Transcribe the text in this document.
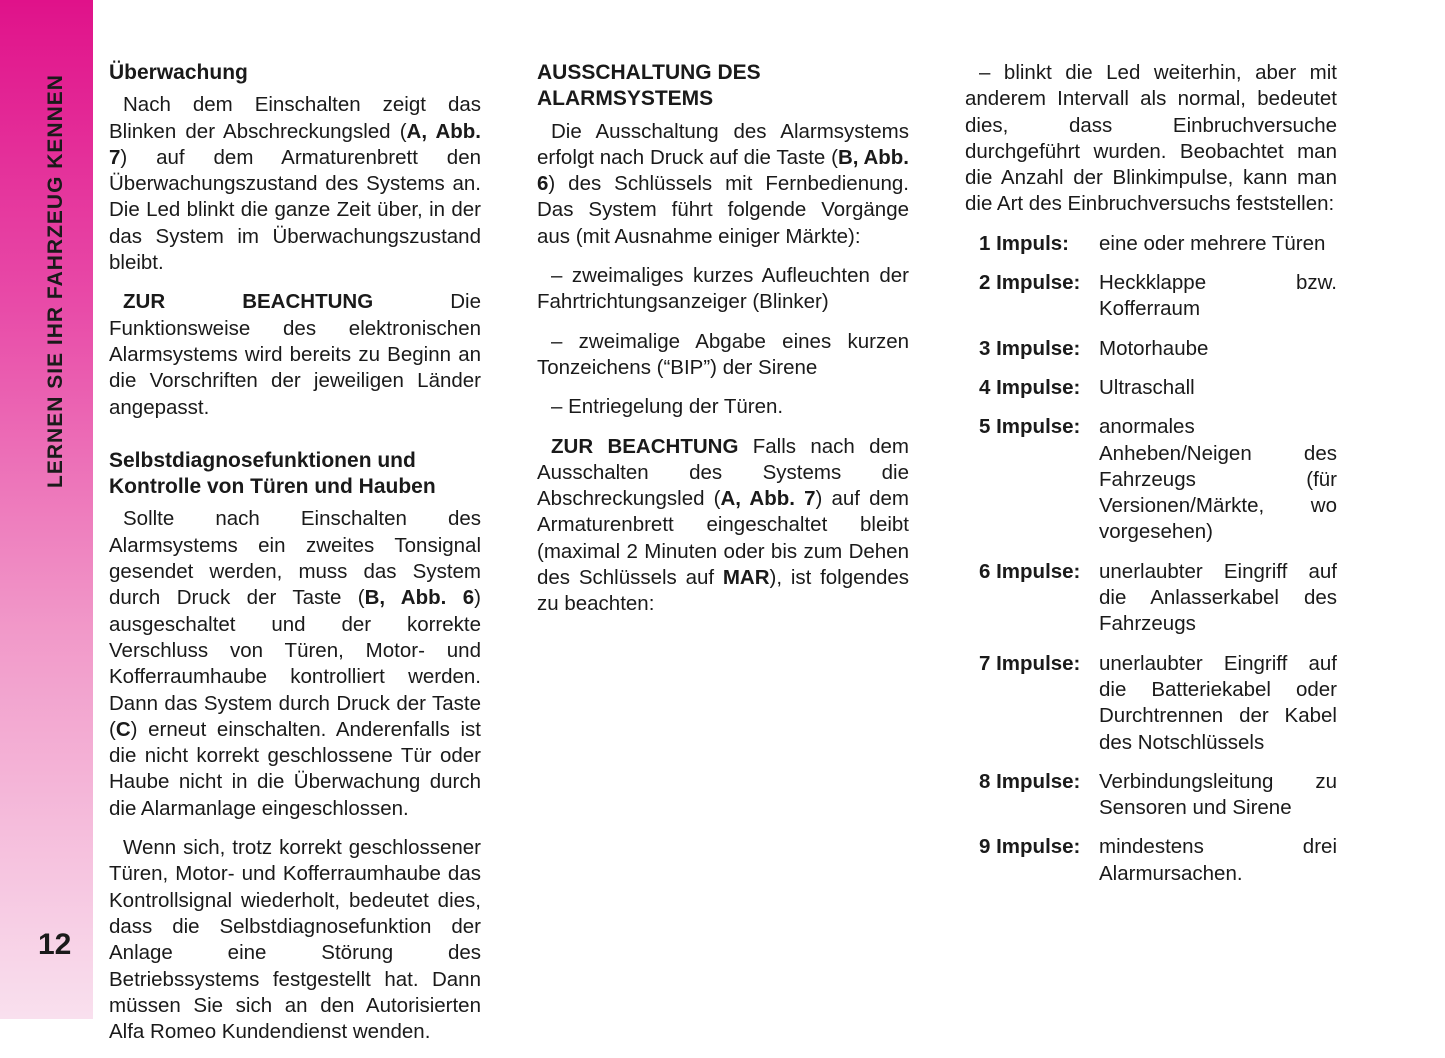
LERNEN SIE IHR FAHRZEUG KENNEN
12
Überwachung

Nach dem Einschalten zeigt das Blinken der Abschreckungsled (A, Abb. 7) auf dem Armaturenbrett den Überwachungszustand des Systems an. Die Led blinkt die ganze Zeit über, in der das System im Überwachungszustand bleibt.

ZUR BEACHTUNG Die Funktionsweise des elektronischen Alarmsystems wird bereits zu Beginn an die Vorschriften der jeweiligen Länder angepasst.

Selbstdiagnosefunktionen und Kontrolle von Türen und Hauben

Sollte nach Einschalten des Alarmsystems ein zweites Tonsignal gesendet werden, muss das System durch Druck der Taste (B, Abb. 6) ausgeschaltet und der korrekte Verschluss von Türen, Motor- und Kofferraumhaube kontrolliert werden. Dann das System durch Druck der Taste (C) erneut einschalten. Anderenfalls ist die nicht korrekt geschlossene Tür oder Haube nicht in die Überwachung durch die Alarmanlage eingeschlossen.

Wenn sich, trotz korrekt geschlossener Türen, Motor- und Kofferraumhaube das Kontrollsignal wiederholt, bedeutet dies, dass die Selbstdiagnosefunktion der Anlage eine Störung des Betriebssystems festgestellt hat. Dann müssen Sie sich an den Autorisierten Alfa Romeo Kundendienst wenden.

AUSSCHALTUNG DES ALARMSYSTEMS

Die Ausschaltung des Alarmsystems erfolgt nach Druck auf die Taste (B, Abb. 6) des Schlüssels mit Fernbedienung. Das System führt folgende Vorgänge aus (mit Ausnahme einiger Märkte):

– zweimaliges kurzes Aufleuchten der Fahrtrichtungsanzeiger (Blinker)

– zweimalige Abgabe eines kurzen Tonzeichens (“BIP”) der Sirene

– Entriegelung der Türen.

ZUR BEACHTUNG Falls nach dem Ausschalten des Systems die Abschreckungsled (A, Abb. 7) auf dem Armaturenbrett eingeschaltet bleibt (maximal 2 Minuten oder bis zum Dehen des Schlüssels auf MAR), ist folgendes zu beachten:

– blinkt die Led weiterhin, aber mit anderem Intervall als normal, bedeutet dies, dass Einbruchversuche durchgeführt wurden. Beobachtet man die Anzahl der Blinkimpulse, kann man die Art des Einbruchversuchs feststellen:

1 Impuls:	eine oder mehrere Türen
2 Impulse: Heckklappe bzw. Kofferraum
3 Impulse: Motorhaube
4 Impulse: Ultraschall
5 Impulse: anormales Anheben/Neigen des Fahrzeugs (für Versionen/Märkte, wo vorgesehen)
6 Impulse: unerlaubter Eingriff auf die Anlasserkabel des Fahrzeugs
7 Impulse: unerlaubter Eingriff auf die Batteriekabel oder Durchtrennen der Kabel des Notschlüssels
8 Impulse: Verbindungsleitung zu Sensoren und Sirene
9 Impulse: mindestens drei Alarmursachen.
